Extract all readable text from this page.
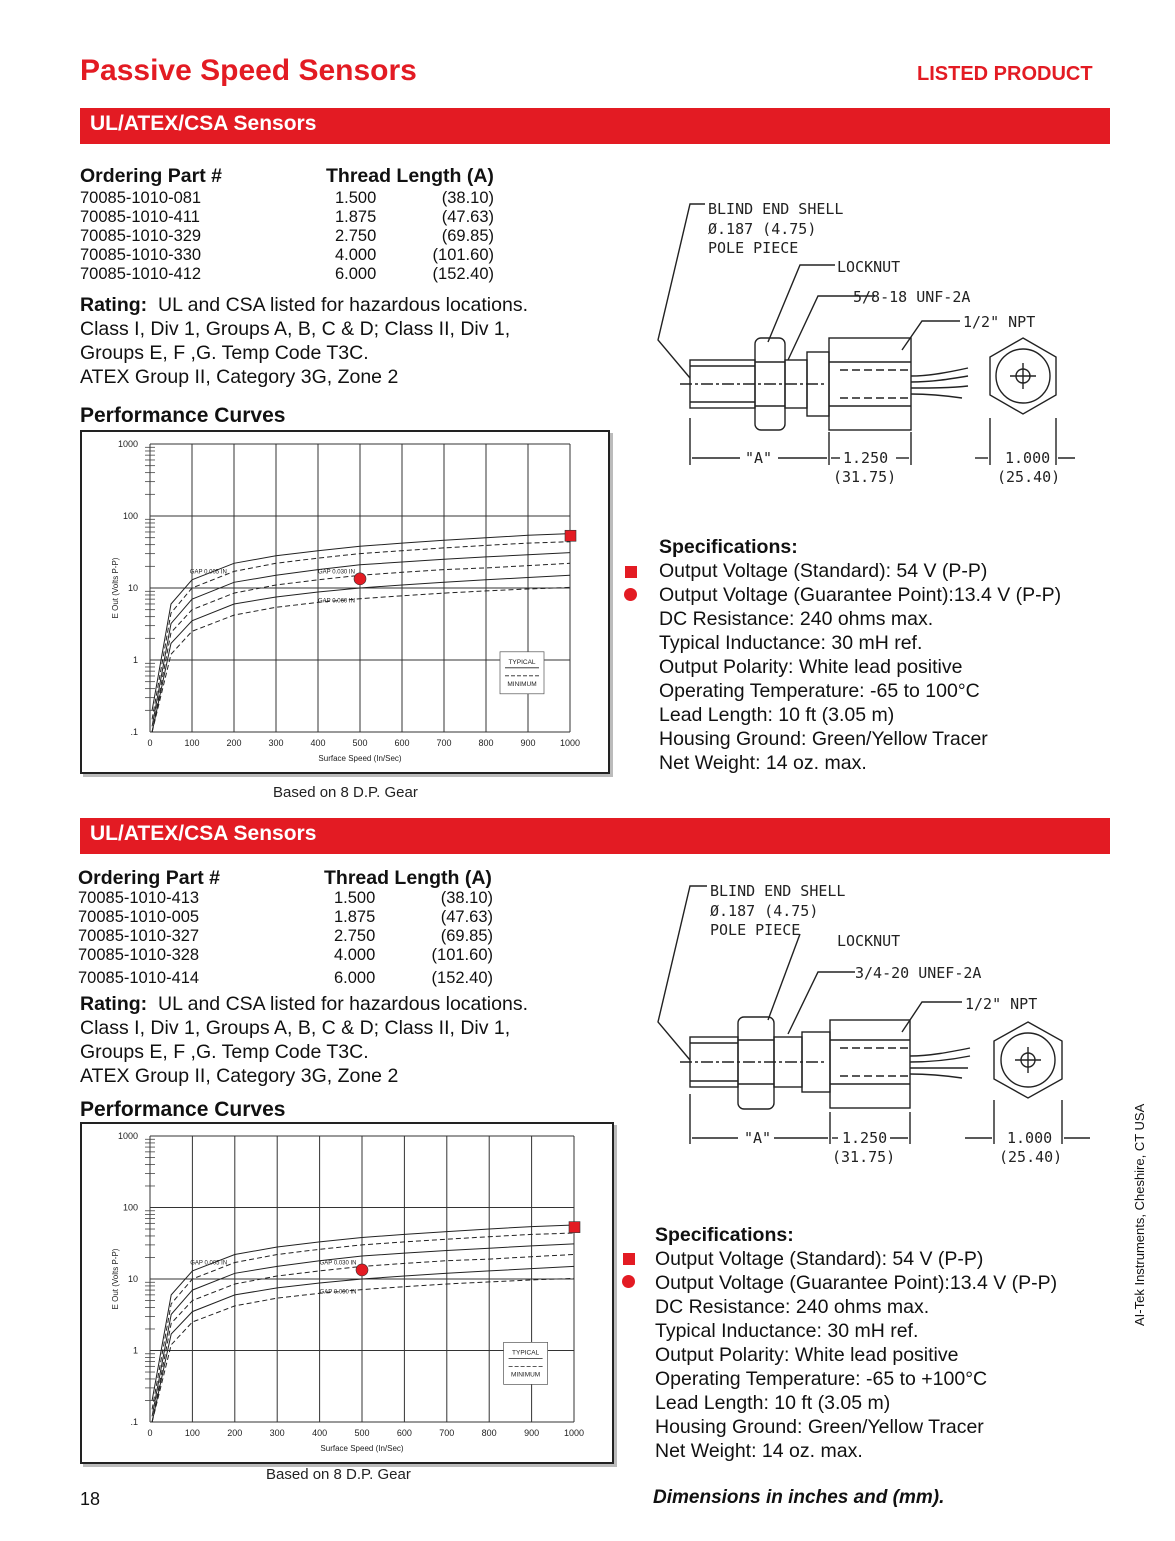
Passive Speed Sensors	LISTED PRODUCT
UL/ATEX/CSA Sensors
Ordering Part #	Thread Length (A)
70085-1010-081	1.500	(38.10)
70085-1010-411	1.875	(47.63)
70085-1010-329	2.750	(69.85)
70085-1010-330	4.000	(101.60)
70085-1010-412	6.000	(152.40)
Rating: UL and CSA listed for hazardous locations.
Class I, Div 1, Groups A, B, C & D; Class II, Div 1,
Groups E, F ,G. Temp Code T3C.
ATEX Group II, Category 3G, Zone 2
Performance Curves
0	100	200	300	400	500	600	700	800	900	1000
1000
100
10
1
.1
Surface Speed (In/Sec)
E Out (Volts P-P)	GAP 0.005 IN	GAP 0.030 IN
GAP 0.060 IN
TYPICAL
MINIMUM
Based on 8 D.P. Gear
BLIND END SHELL
Ø.187 (4.75)
POLE PIECE
LOCKNUT
5/8-18 UNF-2A
1/2" NPT
"A"	1.250
(31.75)
1.000
(25.40)
Specifications:
Output Voltage (Standard): 54 V (P-P)
Output Voltage (Guarantee Point):13.4 V (P-P)
DC Resistance: 240 ohms max.
Typical Inductance: 30 mH ref.
Output Polarity: White lead positive
Operating Temperature: -65 to 100°C
Lead Length: 10 ft (3.05 m)
Housing Ground: Green/Yellow Tracer
Net Weight: 14 oz. max.
UL/ATEX/CSA Sensors
Ordering Part #	Thread Length (A)
70085-1010-413	1.500	(38.10)
70085-1010-005	1.875	(47.63)
70085-1010-327	2.750	(69.85)
70085-1010-328	4.000	(101.60)
70085-1010-414	6.000	(152.40)
Rating: UL and CSA listed for hazardous locations.
Class I, Div 1, Groups A, B, C & D; Class II, Div 1,
Groups E, F ,G. Temp Code T3C.
ATEX Group II, Category 3G, Zone 2
Performance Curves
0	100	200	300	400	500	600	700	800	900	1000
1000
100
10
1
.1
Surface Speed (In/Sec)
E Out (Volts P-P)	GAP 0.005 IN	GAP 0.030 IN
GAP 0.060 IN
TYPICAL
MINIMUM
Based on 8 D.P. Gear
BLIND END SHELL
Ø.187 (4.75)
POLE PIECE
LOCKNUT
3/4-20 UNEF-2A
1/2" NPT
"A"	1.250
(31.75)
1.000
(25.40)
Specifications:
Output Voltage (Standard): 54 V (P-P)
Output Voltage (Guarantee Point):13.4 V (P-P)
DC Resistance: 240 ohms max.
Typical Inductance: 30 mH ref.
Output Polarity: White lead positive
Operating Temperature: -65 to +100°C
Lead Length: 10 ft (3.05 m)
Housing Ground: Green/Yellow Tracer
Net Weight: 14 oz. max.
AI-Tek Instruments, Cheshire, CT USA
18	Dimensions in inches and (mm).
